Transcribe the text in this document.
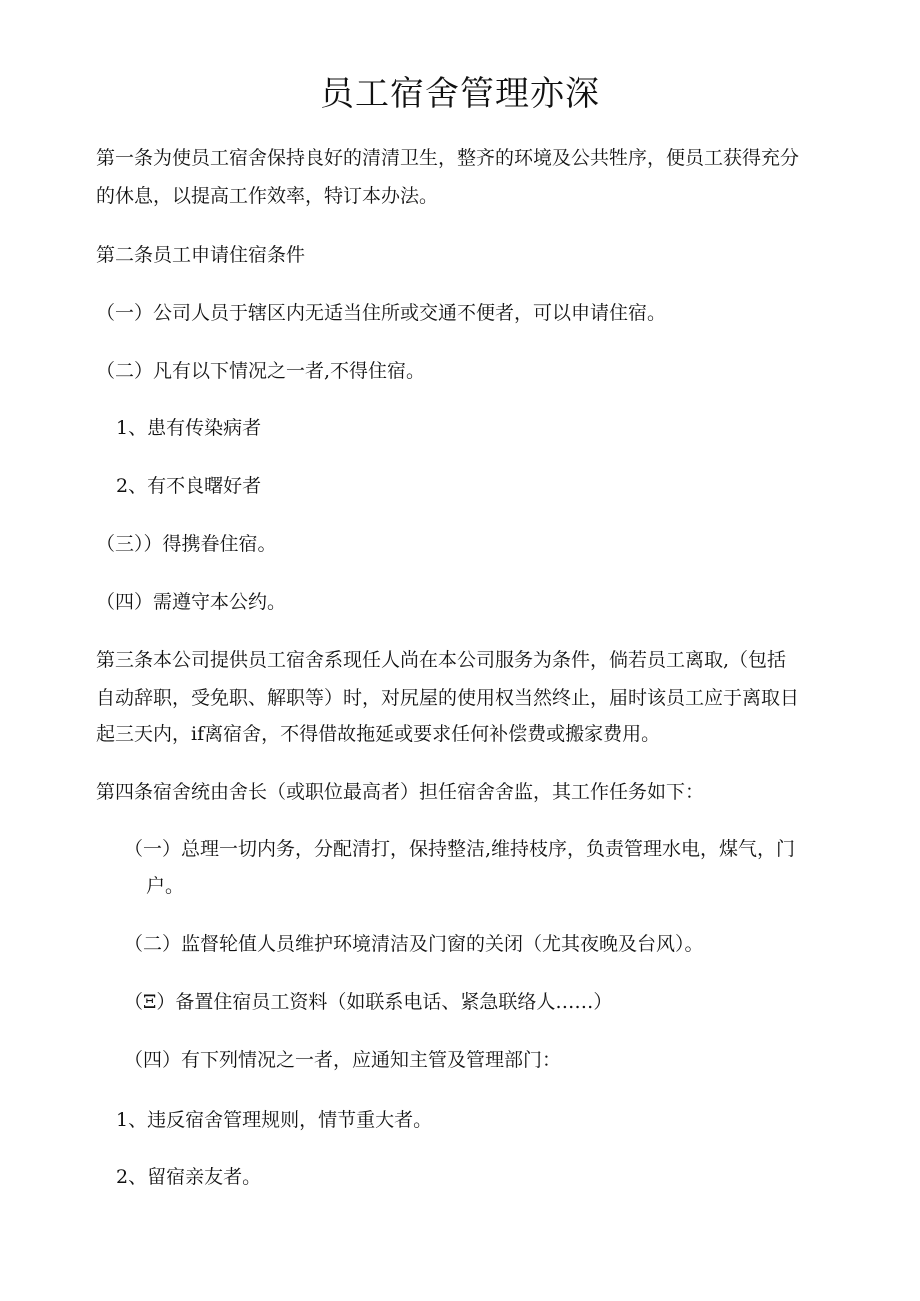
员工宿舍管理亦深
第一条为使员工宿舍保持良好的清清卫生，整齐的环境及公共牲序，便员工获得充分
的休息，以提高工作效率，特订本办法。
第二条员工申请住宿条件
（一）公司人员于辖区内无适当住所或交通不便者，可以申请住宿。
（二）凡有以下情况之一者,不得住宿。
1、患有传染病者
2、有不良曙好者
（三））得携眷住宿。
（四）需遵守本公约。
第三条本公司提供员工宿舍系现任人尚在本公司服务为条件，倘若员工离取,（包括
自动辞职，受免职、解职等）时，对尻屋的使用权当然终止，届时该员工应于离取日
起三天内，if离宿舍，不得借故拖延或要求任何补偿费或搬家费用。
第四条宿舍统由舍长（或职位最高者）担任宿舍舍监，其工作任务如下：
（一）总理一切内务，分配清打，保持整洁,维持枝序，负责管理水电，煤气，门
户。
（二）监督轮值人员维护环境清洁及门窗的关闭（尤其夜晚及台风）。
（Ξ）备置住宿员工资料（如联系电话、紧急联络人……）
（四）有下列情况之一者，应通知主管及管理部门：
1、违反宿舍管理规则，情节重大者。
2、留宿亲友者。
